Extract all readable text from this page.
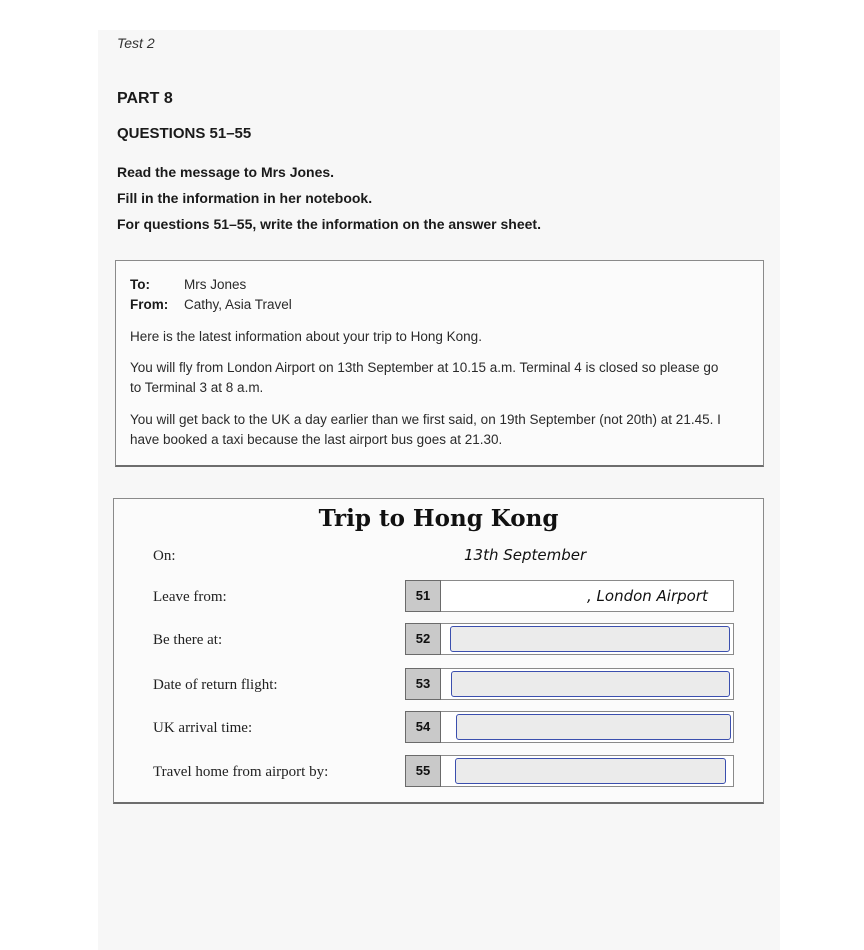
Test 2
PART 8
QUESTIONS 51–55
Read the message to Mrs Jones.
Fill in the information in her notebook.
For questions 51–55, write the information on the answer sheet.
To:	Mrs Jones
From: Cathy, Asia Travel
Here is the latest information about your trip to Hong Kong.
You will fly from London Airport on 13th September at 10.15 a.m. Terminal 4 is closed so please go to Terminal 3 at 8 a.m.
You will get back to the UK a day earlier than we first said, on 19th September (not 20th) at 21.45. I have booked a taxi because the last airport bus goes at 21.30.
Trip to Hong Kong
On:	13th September
Leave from:	51	, London Airport
Be there at:	52
Date of return flight:	53
UK arrival time:	54
Travel home from airport by:	55
